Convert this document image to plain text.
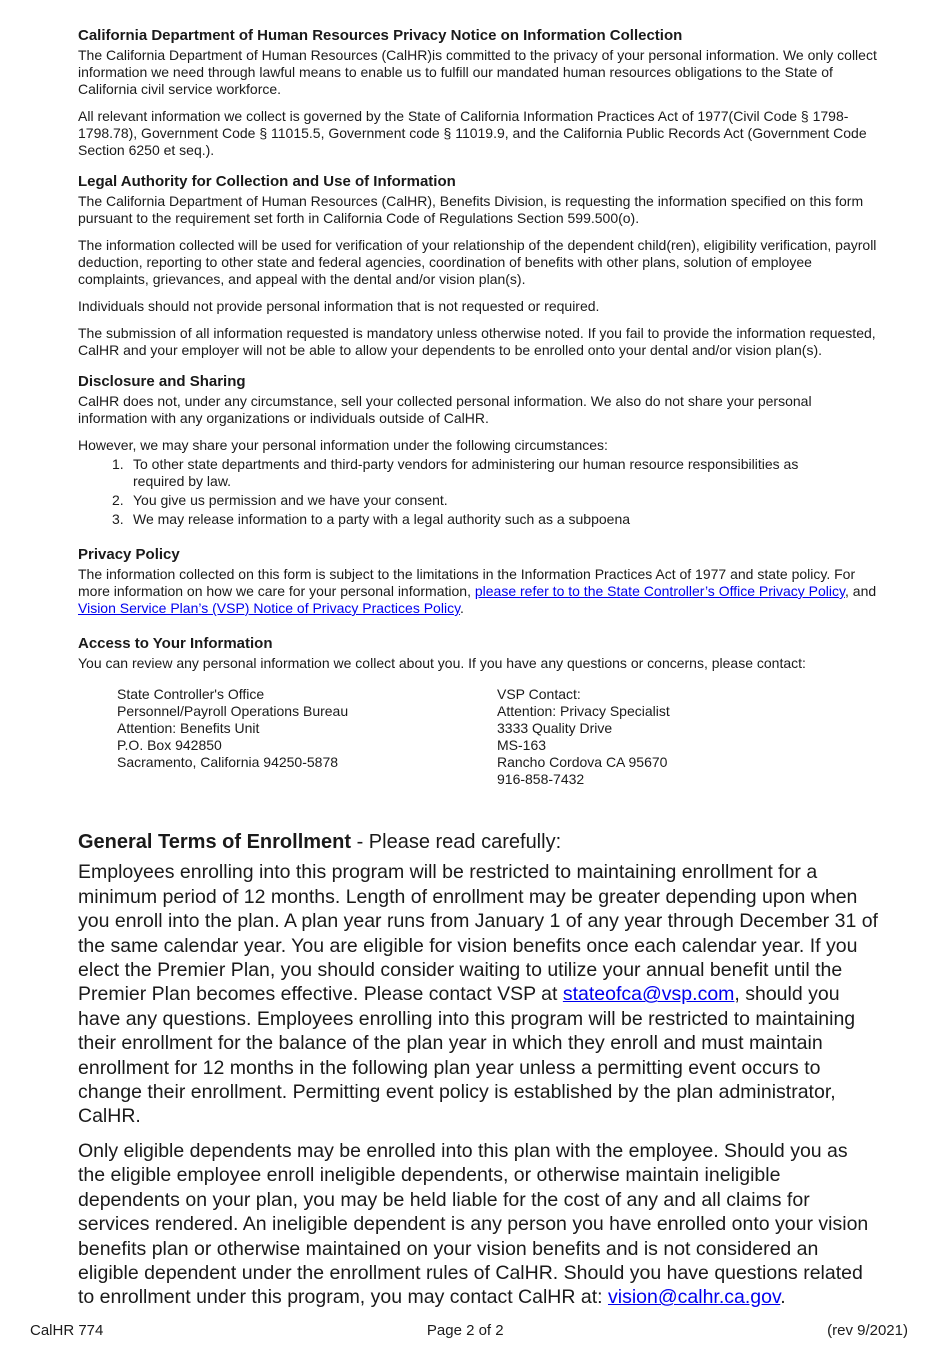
California Department of Human Resources Privacy Notice on Information Collection

The California Department of Human Resources (CalHR)is committed to the privacy of your personal information. We only collect information we need through lawful means to enable us to fulfill our mandated human resources obligations to the State of California civil service workforce.

All relevant information we collect is governed by the State of California Information Practices Act of 1977(Civil Code § 1798-1798.78), Government Code § 11015.5, Government code § 11019.9, and the California Public Records Act (Government Code Section 6250 et seq.).

Legal Authority for Collection and Use of Information

The California Department of Human Resources (CalHR), Benefits Division, is requesting the information specified on this form pursuant to the requirement set forth in California Code of Regulations Section 599.500(o).

The information collected will be used for verification of your relationship of the dependent child(ren), eligibility verification, payroll deduction, reporting to other state and federal agencies, coordination of benefits with other plans, solution of employee complaints, grievances, and appeal with the dental and/or vision plan(s).

Individuals should not provide personal information that is not requested or required.

The submission of all information requested is mandatory unless otherwise noted. If you fail to provide the information requested, CalHR and your employer will not be able to allow your dependents to be enrolled onto your dental and/or vision plan(s).

Disclosure and Sharing

CalHR does not, under any circumstance, sell your collected personal information. We also do not share your personal information with any organizations or individuals outside of CalHR.

However, we may share your personal information under the following circumstances:

1. To other state departments and third-party vendors for administering our human resource responsibilities as required by law.
2. You give us permission and we have your consent.
3. We may release information to a party with a legal authority such as a subpoena

Privacy Policy

The information collected on this form is subject to the limitations in the Information Practices Act of 1977 and state policy. For more information on how we care for your personal information, please refer to to the State Controller’s Office Privacy Policy, and Vision Service Plan’s (VSP) Notice of Privacy Practices Policy.

Access to Your Information

You can review any personal information we collect about you. If you have any questions or concerns, please contact:

State Controller's Office
Personnel/Payroll Operations Bureau
Attention: Benefits Unit
P.O. Box 942850
Sacramento, California 94250-5878
VSP Contact:
Attention: Privacy Specialist
3333 Quality Drive
MS-163
Rancho Cordova CA 95670
916-858-7432

General Terms of Enrollment - Please read carefully:

Employees enrolling into this program will be restricted to maintaining enrollment for a minimum period of 12 months. Length of enrollment may be greater depending upon when you enroll into the plan. A plan year runs from January 1 of any year through December 31 of the same calendar year. You are eligible for vision benefits once each calendar year. If you elect the Premier Plan, you should consider waiting to utilize your annual benefit until the Premier Plan becomes effective. Please contact VSP at stateofca@vsp.com, should you have any questions. Employees enrolling into this program will be restricted to maintaining their enrollment for the balance of the plan year in which they enroll and must maintain enrollment for 12 months in the following plan year unless a permitting event occurs to change their enrollment. Permitting event policy is established by the plan administrator, CalHR.

Only eligible dependents may be enrolled into this plan with the employee. Should you as the eligible employee enroll ineligible dependents, or otherwise maintain ineligible dependents on your plan, you may be held liable for the cost of any and all claims for services rendered. An ineligible dependent is any person you have enrolled onto your vision benefits plan or otherwise maintained on your vision benefits and is not considered an eligible dependent under the enrollment rules of CalHR. Should you have questions related to enrollment under this program, you may contact CalHR at: vision@calhr.ca.gov.

CalHR 774	Page 2 of 2	(rev 9/2021)
